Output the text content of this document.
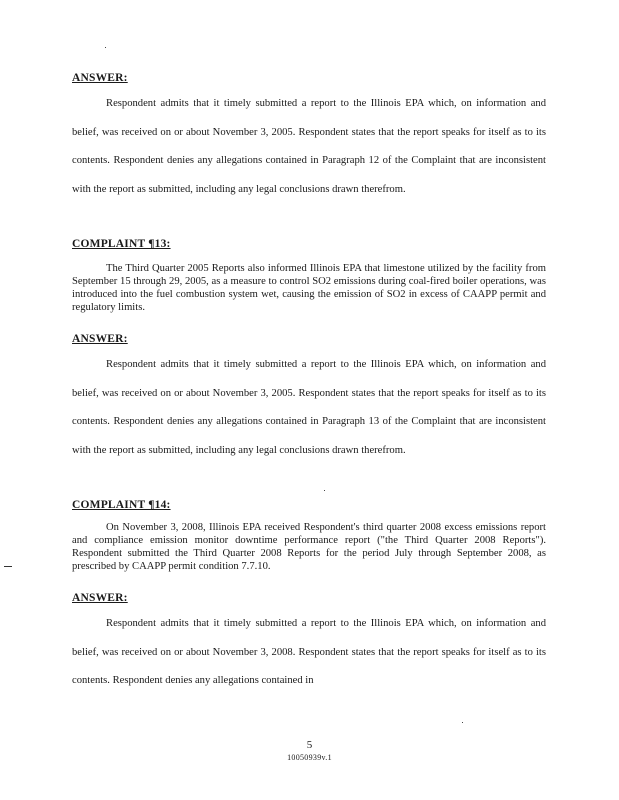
ANSWER:
Respondent admits that it timely submitted a report to the Illinois EPA which, on information and belief, was received on or about November 3, 2005. Respondent states that the report speaks for itself as to its contents. Respondent denies any allegations contained in Paragraph 12 of the Complaint that are inconsistent with the report as submitted, including any legal conclusions drawn therefrom.
COMPLAINT ¶13:
The Third Quarter 2005 Reports also informed Illinois EPA that limestone utilized by the facility from September 15 through 29, 2005, as a measure to control SO2 emissions during coal-fired boiler operations, was introduced into the fuel combustion system wet, causing the emission of SO2 in excess of CAAPP permit and regulatory limits.
ANSWER:
Respondent admits that it timely submitted a report to the Illinois EPA which, on information and belief, was received on or about November 3, 2005. Respondent states that the report speaks for itself as to its contents. Respondent denies any allegations contained in Paragraph 13 of the Complaint that are inconsistent with the report as submitted, including any legal conclusions drawn therefrom.
COMPLAINT ¶14:
On November 3, 2008, Illinois EPA received Respondent's third quarter 2008 excess emissions report and compliance emission monitor downtime performance report ("the Third Quarter 2008 Reports"). Respondent submitted the Third Quarter 2008 Reports for the period July through September 2008, as prescribed by CAAPP permit condition 7.7.10.
ANSWER:
Respondent admits that it timely submitted a report to the Illinois EPA which, on information and belief, was received on or about November 3, 2008. Respondent states that the report speaks for itself as to its contents. Respondent denies any allegations contained in
5
10050939v.1
